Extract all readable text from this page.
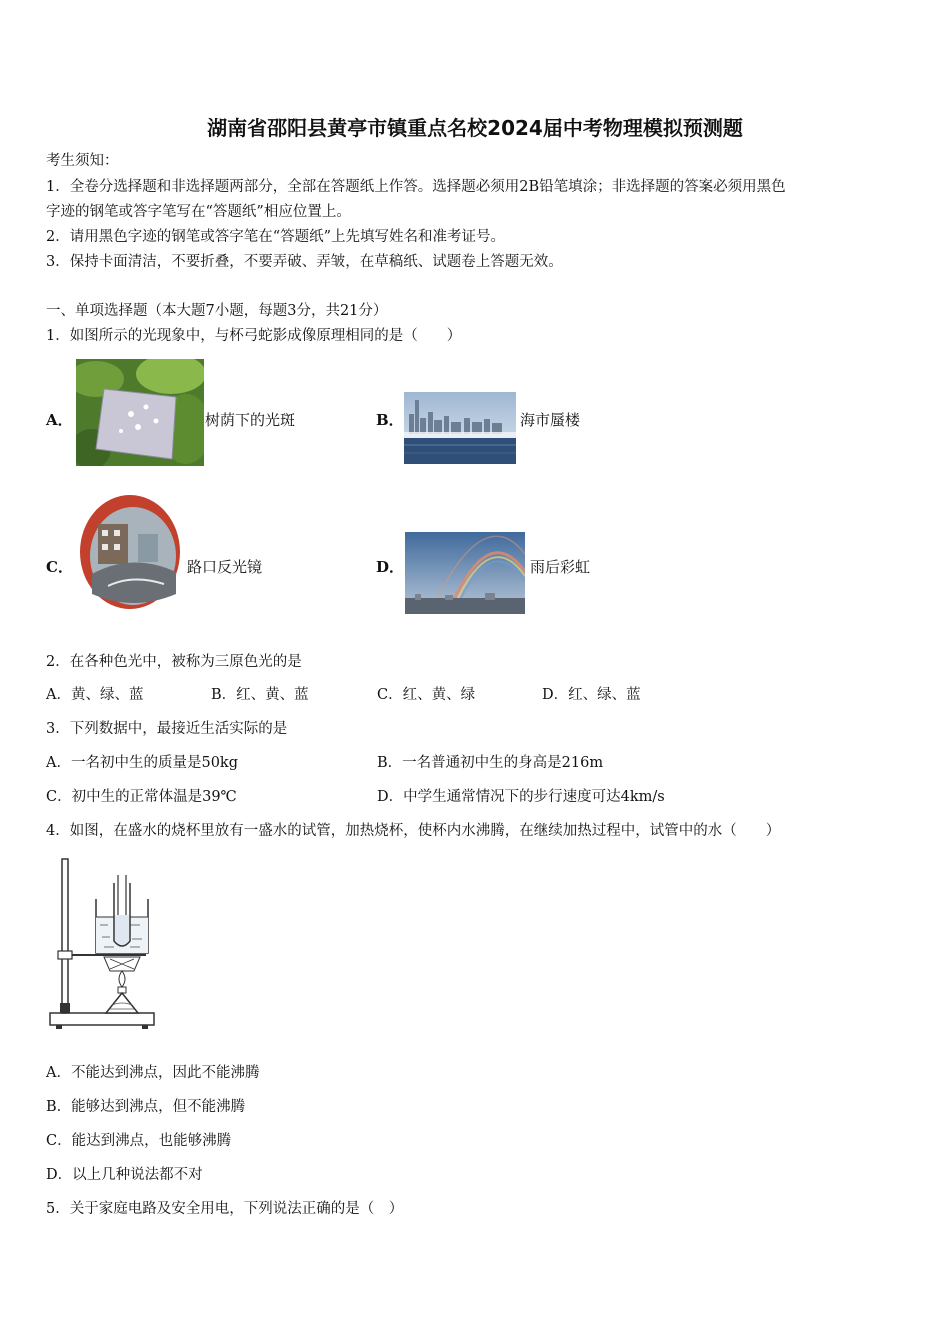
湖南省邵阳县黄亭市镇重点名校2024届中考物理模拟预测题
考生须知：
1．全卷分选择题和非选择题两部分，全部在答题纸上作答。选择题必须用2B铅笔填涂；非选择题的答案必须用黑色
字迹的钢笔或答字笔写在“答题纸”相应位置上。
2．请用黑色字迹的钢笔或答字笔在“答题纸”上先填写姓名和准考证号。
3．保持卡面清洁，不要折叠，不要弄破、弄皱，在草稿纸、试题卷上答题无效。
一、单项选择题（本大题7小题，每题3分，共21分）
1．如图所示的光现象中，与杯弓蛇影成像原理相同的是（　　）
A．	树荫下的光斑	B．	海市蜃楼
C．	路口反光镜	D．	雨后彩虹
2．在各种色光中，被称为三原色光的是
A．黄、绿、蓝	B．红、黄、蓝	C．红、黄、绿	D．红、绿、蓝
3．下列数据中，最接近生活实际的是
A．一名初中生的质量是50kg	B．一名普通初中生的身高是216m
C．初中生的正常体温是39℃	D．中学生通常情况下的步行速度可达4km/s
4．如图，在盛水的烧杯里放有一盛水的试管，加热烧杯，使杯内水沸腾，在继续加热过程中，试管中的水（　　）
A．不能达到沸点，因此不能沸腾
B．能够达到沸点，但不能沸腾
C．能达到沸点，也能够沸腾
D．以上几种说法都不对
5．关于家庭电路及安全用电，下列说法正确的是（　）
